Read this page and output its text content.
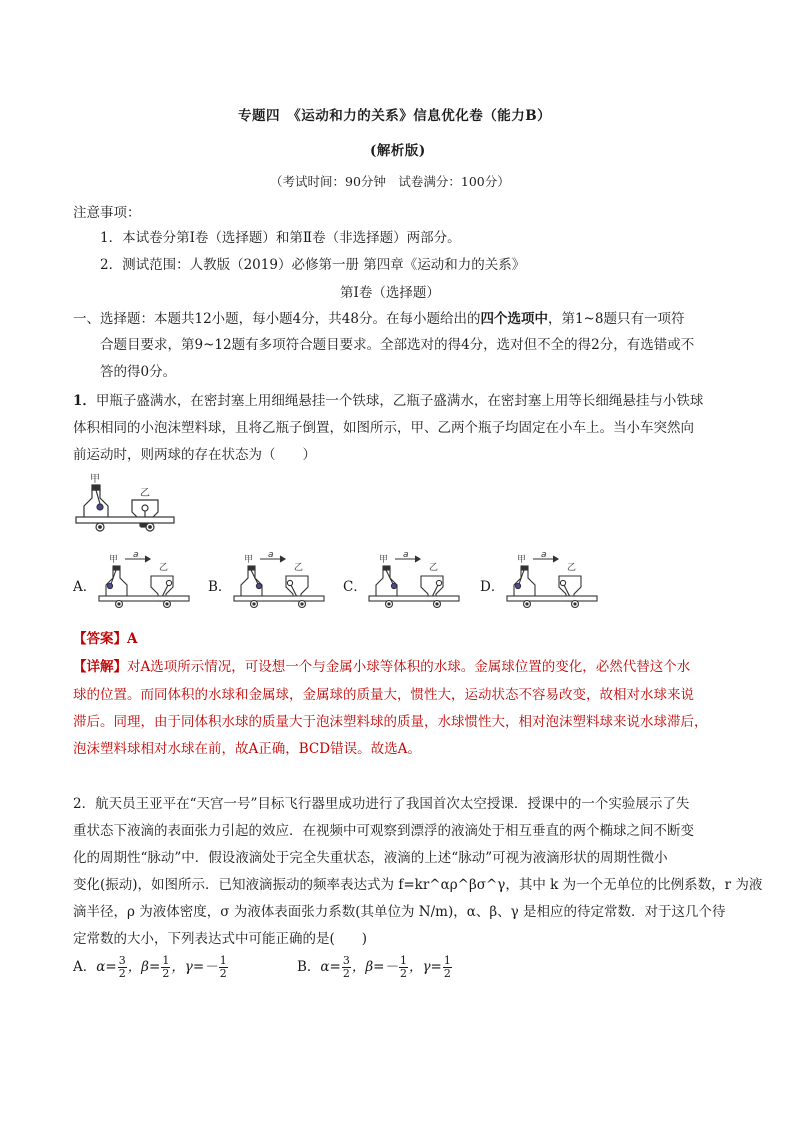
专题四　《运动和力的关系》信息优化卷（能力B）
(解析版)
（考试时间：90分钟　试卷满分：100分）
注意事项：
1．本试卷分第Ⅰ卷（选择题）和第Ⅱ卷（非选择题）两部分。
2．测试范围：人教版（2019）必修第一册 第四章《运动和力的关系》
第Ⅰ卷（选择题）
一、选择题：本题共12小题，每小题4分，共48分。在每小题给出的四个选项中，第1~8题只有一项符
合题目要求，第9~12题有多项符合题目要求。全部选对的得4分，选对但不全的得2分，有选错或不
答的得0分。
1．甲瓶子盛满水，在密封塞上用细绳悬挂一个铁球，乙瓶子盛满水，在密封塞上用等长细绳悬挂与小铁球
体积相同的小泡沫塑料球，且将乙瓶子倒置，如图所示，甲、乙两个瓶子均固定在小车上。当小车突然向
前运动时，则两球的存在状态为（　　）
甲
乙
A．	B．	C．	D．
甲 a
乙
甲 a
乙
甲 a
乙
甲 a
乙
【答案】A
【详解】对A选项所示情况，可设想一个与金属小球等体积的水球。金属球位置的变化，必然代替这个水
球的位置。而同体积的水球和金属球，金属球的质量大，惯性大，运动状态不容易改变，故相对水球来说
滞后。同理，由于同体积水球的质量大于泡沫塑料球的质量，水球惯性大，相对泡沫塑料球来说水球滞后，
泡沫塑料球相对水球在前，故A正确，BCD错误。故选A。
2．航天员王亚平在“天宫一号”目标飞行器里成功进行了我国首次太空授课．授课中的一个实验展示了失
重状态下液滴的表面张力引起的效应．在视频中可观察到漂浮的液滴处于相互垂直的两个椭球之间不断变
化的周期性“脉动”中．假设液滴处于完全失重状态，液滴的上述“脉动”可视为液滴形状的周期性微小
变化(振动)，如图所示．已知液滴振动的频率表达式为 f=kr^αρ^βσ^γ，其中 k 为一个无单位的比例系数，r 为液
滴半径，ρ 为液体密度，σ 为液体表面张力系数(其单位为 N/m)，α、β、γ 是相应的待定常数．对于这几个待
定常数的大小，下列表达式中可能正确的是(　　)
A．$\alpha= \frac{3}{2}$ ，$\beta= \frac{1}{2}$ ，$\gamma=- \frac{1}{2}$	B．$\alpha= \frac{3}{2}$ ，$\beta=- \frac{1}{2}$ ，$\gamma= \frac{1}{2}$
